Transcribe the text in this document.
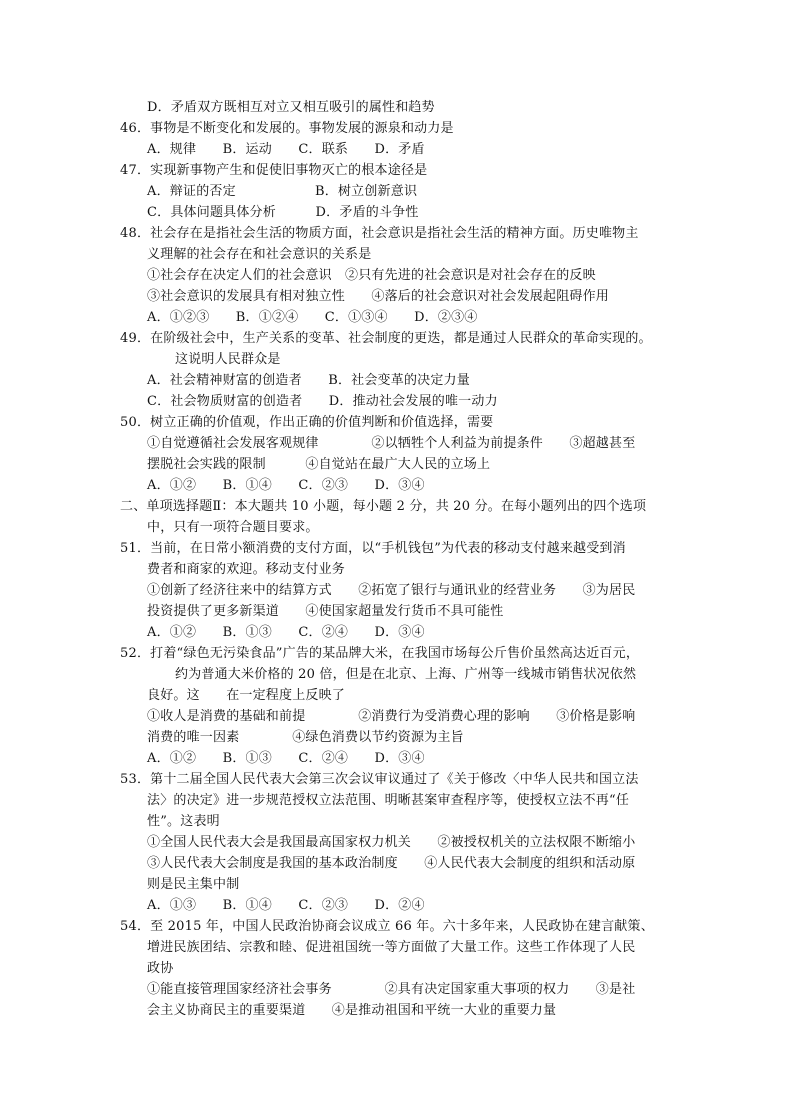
D．矛盾双方既相互对立又相互吸引的属性和趋势
46．事物是不断变化和发展的。事物发展的源泉和动力是
A．规律　　B．运动　　C．联系　　D．矛盾
47．实现新事物产生和促使旧事物灭亡的根本途径是
A．辩证的否定　　　　　　B．树立创新意识
C．具体问题具体分析　　　D．矛盾的斗争性
48．社会存在是指社会生活的物质方面，社会意识是指社会生活的精神方面。历史唯物主
义理解的社会存在和社会意识的关系是
①社会存在决定人们的社会意识　②只有先进的社会意识是对社会存在的反映
③社会意识的发展具有相对独立性　　④落后的社会意识对社会发展起阻碍作用
A．①②③　　B．①②④　　C．①③④　　D．②③④
49．在阶级社会中，生产关系的变革、社会制度的更迭，都是通过人民群众的革命实现的。
这说明人民群众是
A．社会精神财富的创造者　　B．社会变革的决定力量
C．社会物质财富的创造者　　D．推动社会发展的唯一动力
50．树立正确的价值观，作出正确的价值判断和价值选择，需要
①自觉遵循社会发展客观规律　　　　②以牺牲个人利益为前提条件　　③超越甚至
摆脱社会实践的限制　　　④自觉站在最广大人民的立场上
A．①②　　B．①④　　C．②③　　D．③④
二、单项选择题Ⅱ：本大题共 10 小题，每小题 2 分，共 20 分。在每小题列出的四个选项
中，只有一项符合题目要求。
51．当前，在日常小额消费的支付方面，以“手机钱包”为代表的移动支付越来越受到消
费者和商家的欢迎。移动支付业务
①创新了经济往来中的结算方式　　②拓宽了银行与通讯业的经营业务　　③为居民
投资提供了更多新渠道　　④使国家超量发行货币不具可能性
A．①②　　B．①③　　C．②④　　D．③④
52．打着“绿色无污染食品”广告的某品牌大米，在我国市场每公斤售价虽然高达近百元，
约为普通大米价格的 20 倍，但是在北京、上海、广州等一线城市销售状况依然
良好。这　　在一定程度上反映了
①收人是消费的基础和前提　　　　②消费行为受消费心理的影响　　③价格是影响
消费的唯一因素　　　　④绿色消费以节约资源为主旨
A．①②　　B．①③　　C．②④　　D．③④
53．第十二届全国人民代表大会第三次会议审议通过了《关于修改〈中华人民共和国立法
法〉的决定》进一步规范授权立法范围、明晰甚案审查程序等，使授权立法不再“任
性”。这表明
①全国人民代表大会是我国最高国家权力机关　　②被授权机关的立法权限不断缩小
③人民代表大会制度是我国的基本政治制度　　④人民代表大会制度的组织和活动原
则是民主集中制
A．①③　　B．①④　　C．②③　　D．②④
54．至 2015 年，中国人民政治协商会议成立 66 年。六十多年来，人民政协在建言献策、
增进民族团结、宗教和睦、促进祖国统一等方面做了大量工作。这些工作体现了人民
政协
①能直接管理国家经济社会事务　　　　②具有决定国家重大事项的权力　　③是社
会主义协商民主的重要渠道　　④是推动祖国和平统一大业的重要力量
